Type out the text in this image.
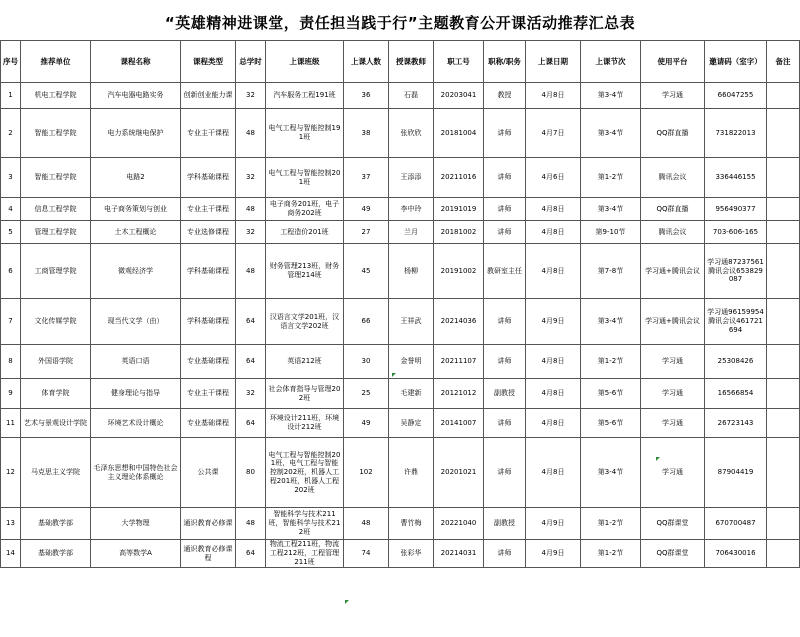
“英雄精神进课堂，责任担当践于行”主题教育公开课活动推荐汇总表
序号	推荐单位	课程名称	课程类型	总学时	上课班级	上课人数	授课教师	职工号	职称/职务	上课日期	上课节次	使用平台	邀请码（室字）	备注
1	机电工程学院	汽车电器电路实务	创新创业能力课	32	汽车服务工程191班	36	石磊	20203041	教授	4月8日	第3-4节	学习通	66047255	
2	智能工程学院	电力系统继电保护	专业主干课程	48	电气工程与智能控制191班	38	张欣欣	20181004	讲师	4月7日	第3-4节	QQ群直播	731822013	
3	智能工程学院	电路2	学科基础课程	32	电气工程与智能控制201班	37	王添添	20211016	讲师	4月6日	第1-2节	腾讯会议	336446155	
4	信息工程学院	电子商务策划与创业	专业主干课程	48	电子商务201班，电子商务202班	49	李中玲	20191019	讲师	4月8日	第3-4节	QQ群直播	956490377	
5	管理工程学院	土木工程概论	专业选修课程	32	工程造价201班	27	兰月	20181002	讲师	4月8日	第9-10节	腾讯会议	703-606-165	
6	工商管理学院	微观经济学	学科基础课程	48	财务管理213班，财务管理214班	45	杨柳	20191002	教研室主任	4月8日	第7-8节	学习通+腾讯会议	学习通87237561腾讯会议653829087	
7	文化传媒学院	现当代文学（由）	学科基础课程	64	汉语言文学201班，汉语言文学202班	66	王祥武	20214036	讲师	4月9日	第3-4节	学习通+腾讯会议	学习通96159954腾讯会议461721694	
8	外国语学院	英语口语	专业基础课程	64	英语212班	30	金誉明	20211107	讲师	4月8日	第1-2节	学习通	25308426	
9	体育学院	健身理论与指导	专业主干课程	32	社会体育指导与管理202班	25	毛建新	20121012	副教授	4月8日	第5-6节	学习通	16566854	
11	艺术与景观设计学院	环境艺术设计概论	专业基础课程	64	环境设计211班，环境设计212班	49	吴静定	20141007	讲师	4月8日	第5-6节	学习通	26723143	
12	马克思主义学院	毛泽东思想和中国特色社会主义理论体系概论	公共课	80	电气工程与智能控制201班，电气工程与智能控制202班，机器人工程201班，机器人工程202班	102	许鼎	20201021	讲师	4月8日	第3-4节	学习通	87904419	
13	基础教学部	大学物理	通识教育必修课	48	智能科学与技术211班，智能科学与技术212班	48	曹竹梅	20221040	副教授	4月9日	第1-2节	QQ群课堂	670700487	
14	基础教学部	高等数学A	通识教育必修课程	64	物流工程211班，物流工程212班，工程管理211班	74	张彩华	20214031	讲师	4月9日	第1-2节	QQ群课堂	706430016	
